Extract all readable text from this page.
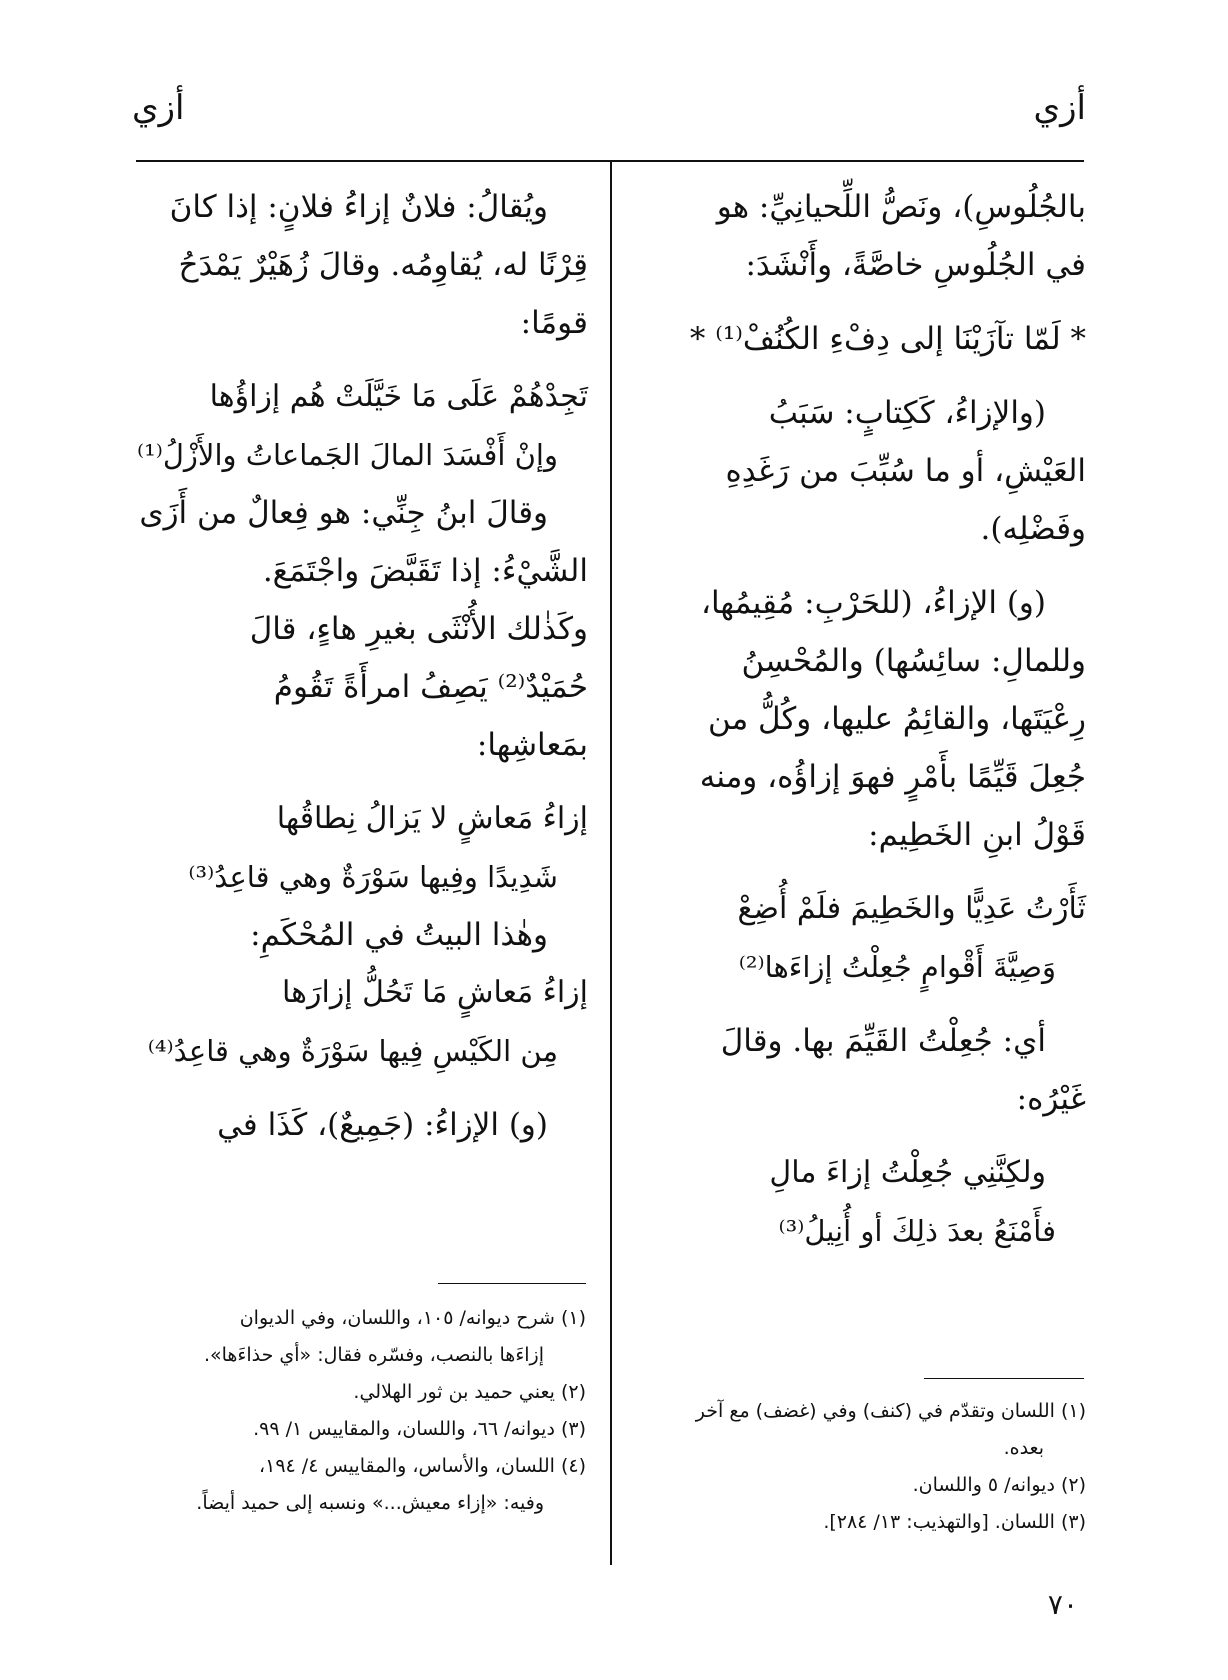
أزي
أزي

بالجُلُوسِ)، ونَصُّ اللِّحيانِيِّ: هو

في الجُلُوسِ خاصَّةً، وأَنْشَدَ:

* لَمّا تآزَيْنَا إلى دِفْءِ الكُنُفْ⁽¹⁾ *

(والإزاءُ، كَكِتابٍ: سَبَبُ

العَيْشِ، أو ما سُبِّبَ من رَغَدِهِ

وفَضْلِه).

(و) الإزاءُ، (للحَرْبِ: مُقِيمُها،

وللمالِ: سائِسُها) والمُحْسِنُ

رِعْيَتَها، والقائِمُ عليها، وكُلُّ من

جُعِلَ قَيِّمًا بأَمْرٍ فهوَ إزاؤُه، ومنه

قَوْلُ ابنِ الخَطِيم:

ثَأَرْتُ عَدِيًّا والخَطِيمَ فلَمْ أُضِعْ

وَصِيَّةَ أَقْوامٍ جُعِلْتُ إزاءَها⁽²⁾

أي: جُعِلْتُ القَيِّمَ بها. وقالَ

غَيْرُه:

ولكِنَّنِي جُعِلْتُ إزاءَ مالِ

فأَمْنَعُ بعدَ ذلِكَ أو أُنِيلُ⁽³⁾

ويُقالُ: فلانٌ إزاءُ فلانٍ: إذا كانَ

قِرْنًا له، يُقاوِمُه. وقالَ زُهَيْرٌ يَمْدَحُ

قومًا:

تَجِدْهُمْ عَلَى مَا خَيَّلَتْ هُم إزاؤُها

وإنْ أَفْسَدَ المالَ الجَماعاتُ والأَزْلُ⁽¹⁾

وقالَ ابنُ جِنِّي: هو فِعالٌ من أَزَى

الشَّيْءُ: إذا تَقَبَّضَ واجْتَمَعَ.

وكَذٰلك الأُنْثَى بغيرِ هاءٍ، قالَ

حُمَيْدٌ⁽²⁾ يَصِفُ امرأَةً تَقُومُ

بمَعاشِها:

إزاءُ مَعاشٍ لا يَزالُ نِطاقُها

شَدِيدًا وفِيها سَوْرَةٌ وهي قاعِدُ⁽³⁾

وهٰذا البيتُ في المُحْكَمِ:

إزاءُ مَعاشٍ مَا تَحُلُّ إزارَها

مِن الكَيْسِ فِيها سَوْرَةٌ وهي قاعِدُ⁽⁴⁾

(و) الإزاءُ: (جَمِيعٌ)، كَذَا في

(١) اللسان وتقدّم في (كنف) وفي (غضف) مع آخر

بعده.

(٢) ديوانه/ ٥ واللسان.

(٣) اللسان. [والتهذيب: ١٣/ ٢٨٤].

(١) شرح ديوانه/ ١٠٥، واللسان، وفي الديوان

إزاءَها بالنصب، وفسّره فقال: «أي حذاءَها».

(٢) يعني حميد بن ثور الهلالي.

(٣) ديوانه/ ٦٦، واللسان، والمقاييس ١/ ٩٩.

(٤) اللسان، والأساس، والمقاييس ٤/ ١٩٤،

وفيه: «إزاء معيش...» ونسبه إلى حميد أيضاً.

٧٠
